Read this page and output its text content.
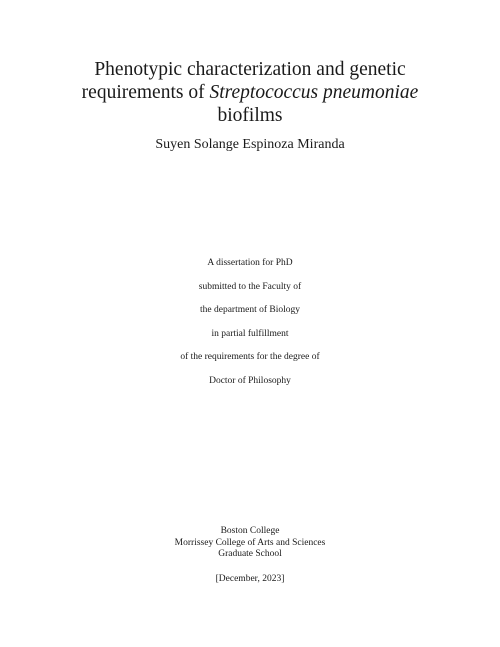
Phenotypic characterization and genetic
requirements of Streptococcus pneumoniae
biofilms

Suyen Solange Espinoza Miranda

A dissertation for PhD
submitted to the Faculty of
the department of Biology
in partial fulfillment
of the requirements for the degree of
Doctor of Philosophy
Boston College
Morrissey College of Arts and Sciences
Graduate School

[December, 2023]
